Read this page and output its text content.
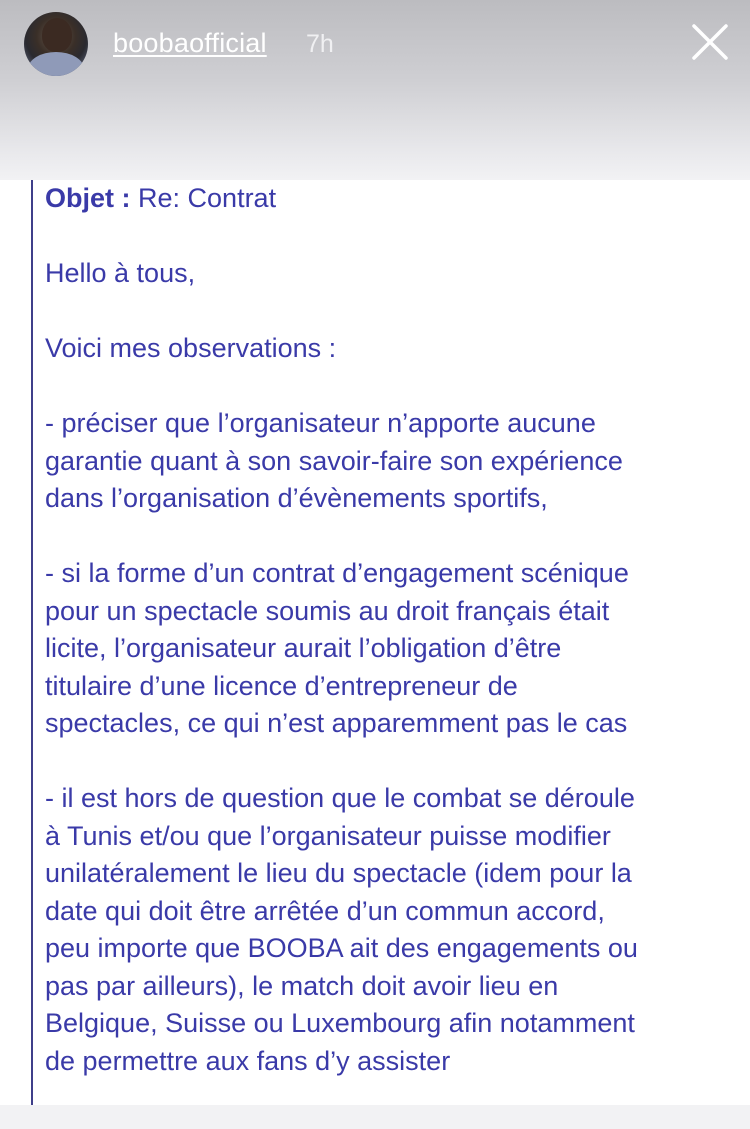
boobaofficial 7h
Objet : Re: Contrat
Hello à tous,
Voici mes observations :
- préciser que l’organisateur n’apporte aucune
garantie quant à son savoir-faire son expérience
dans l’organisation d’évènements sportifs,
- si la forme d’un contrat d’engagement scénique
pour un spectacle soumis au droit français était
licite, l’organisateur aurait l’obligation d’être
titulaire d’une licence d’entrepreneur de
spectacles, ce qui n’est apparemment pas le cas
- il est hors de question que le combat se déroule
à Tunis et/ou que l’organisateur puisse modifier
unilatéralement le lieu du spectacle (idem pour la
date qui doit être arrêtée d’un commun accord,
peu importe que BOOBA ait des engagements ou
pas par ailleurs), le match doit avoir lieu en
Belgique, Suisse ou Luxembourg afin notamment
de permettre aux fans d’y assister
